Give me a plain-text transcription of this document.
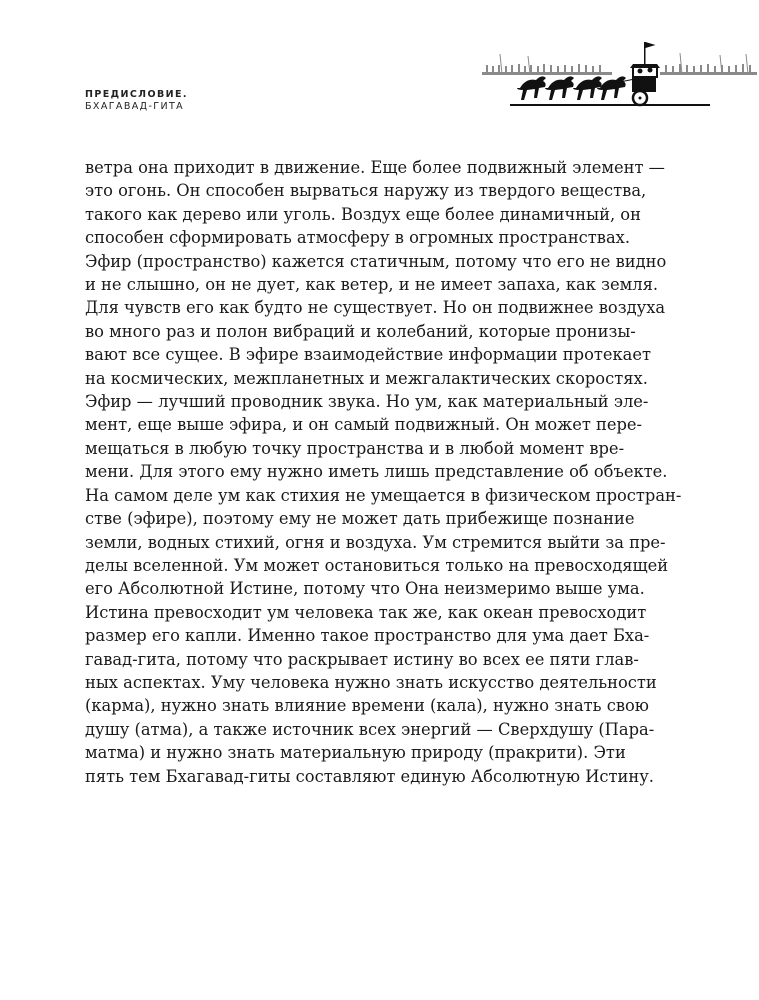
ПРЕДИСЛОВИЕ.
БХАГАВАД-ГИТА
ветра она приходит в движение. Еще более подвижный элемент —
это огонь. Он способен вырваться наружу из твердого вещества,
такого как дерево или уголь. Воздух еще более динамичный, он
способен сформировать атмосферу в огромных пространствах.
Эфир (пространство) кажется статичным, потому что его не видно
и не слышно, он не дует, как ветер, и не имеет запаха, как земля.
Для чувств его как будто не существует. Но он подвижнее воздуха
во много раз и полон вибраций и колебаний, которые пронизы-
вают все сущее. В эфире взаимодействие информации протекает
на космических, межпланетных и межгалактических скоростях.
Эфир — лучший проводник звука. Но ум, как материальный эле-
мент, еще выше эфира, и он самый подвижный. Он может пере-
мещаться в любую точку пространства и в любой момент вре-
мени. Для этого ему нужно иметь лишь представление об объекте.
На самом деле ум как стихия не умещается в физическом простран-
стве (эфире), поэтому ему не может дать прибежище познание
земли, водных стихий, огня и воздуха. Ум стремится выйти за пре-
делы вселенной. Ум может остановиться только на превосходящей
его Абсолютной Истине, потому что Она неизмеримо выше ума.
Истина превосходит ум человека так же, как океан превосходит
размер его капли. Именно такое пространство для ума дает Бха-
гавад-гита, потому что раскрывает истину во всех ее пяти глав-
ных аспектах. Уму человека нужно знать искусство деятельности
(карма), нужно знать влияние времени (кала), нужно знать свою
душу (атма), а также источник всех энергий — Сверхдушу (Пара-
матма) и нужно знать материальную природу (пракрити). Эти
пять тем Бхагавад-гиты составляют единую Абсолютную Истину.
